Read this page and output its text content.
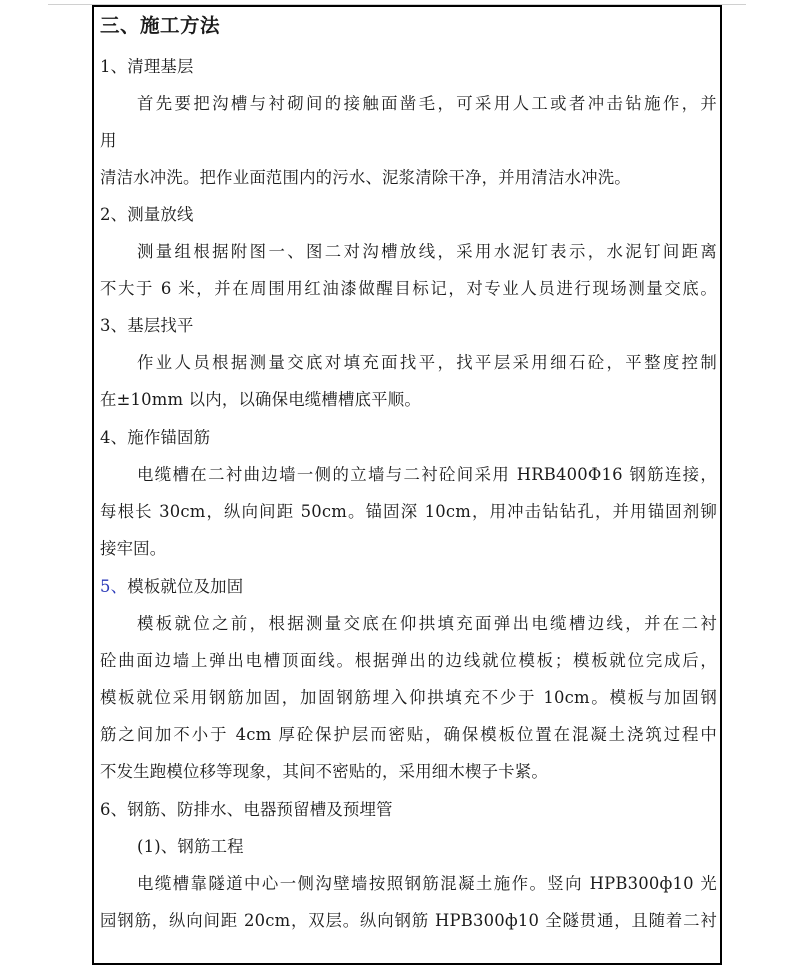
三、施工方法
1、清理基层
首先要把沟槽与衬砌间的接触面凿毛，可采用人工或者冲击钻施作，并
用
清洁水冲洗。把作业面范围内的污水、泥浆清除干净，并用清洁水冲洗。
2、测量放线
测量组根据附图一、图二对沟槽放线，采用水泥钉表示，水泥钉间距离
不大于 6 米，并在周围用红油漆做醒目标记，对专业人员进行现场测量交底。
3、基层找平
作业人员根据测量交底对填充面找平，找平层采用细石砼，平整度控制
在±10mm 以内，以确保电缆槽槽底平顺。
4、施作锚固筋
电缆槽在二衬曲边墙一侧的立墙与二衬砼间采用 HRB400Φ16 钢筋连接，
每根长 30cm，纵向间距 50cm。锚固深 10cm，用冲击钻钻孔，并用锚固剂铆
接牢固。
5、模板就位及加固
模板就位之前，根据测量交底在仰拱填充面弹出电缆槽边线，并在二衬
砼曲面边墙上弹出电槽顶面线。根据弹出的边线就位模板；模板就位完成后，
模板就位采用钢筋加固，加固钢筋埋入仰拱填充不少于 10cm。模板与加固钢
筋之间加不小于 4cm 厚砼保护层而密贴，确保模板位置在混凝土浇筑过程中
不发生跑模位移等现象，其间不密贴的，采用细木楔子卡紧。
6、钢筋、防排水、电器预留槽及预埋管
(1)、钢筋工程
电缆槽靠隧道中心一侧沟壁墙按照钢筋混凝土施作。竖向 HPB300ф10 光
园钢筋，纵向间距 20cm，双层。纵向钢筋 HPB300ф10 全隧贯通，且随着二衬
